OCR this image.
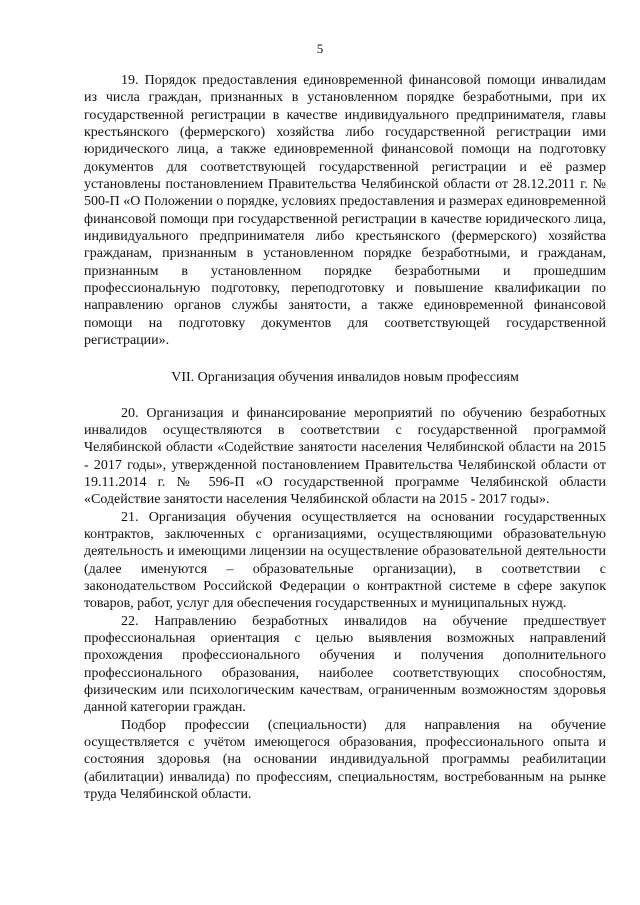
5

19. Порядок предоставления единовременной финансовой помощи инвалидам из числа граждан, признанных в установленном порядке безработными, при их государственной регистрации в качестве индивидуального предпринимателя, главы крестьянского (фермерского) хозяйства либо государственной регистрации ими юридического лица, а также единовременной финансовой помощи на подготовку документов для соответствующей государственной регистрации и её размер установлены постановлением Правительства Челябинской области от 28.12.2011 г. № 500-П «О Положении о порядке, условиях предоставления и размерах единовременной финансовой помощи при государственной регистрации в качестве юридического лица, индивидуального предпринимателя либо крестьянского (фермерского) хозяйства гражданам, признанным в установленном порядке безработными, и гражданам, признанным в установленном порядке безработными и прошедшим профессиональную подготовку, переподготовку и повышение квалификации по направлению органов службы занятости, а также единовременной финансовой помощи на подготовку документов для соответствующей государственной регистрации».

VII. Организация обучения инвалидов новым профессиям

20. Организация и финансирование мероприятий по обучению безработных инвалидов осуществляются в соответствии с государственной программой Челябинской области «Содействие занятости населения Челябинской области на 2015 - 2017 годы», утвержденной постановлением Правительства Челябинской области от 19.11.2014 г. № 596-П «О государственной программе Челябинской области «Содействие занятости населения Челябинской области на 2015 - 2017 годы».

21. Организация обучения осуществляется на основании государственных контрактов, заключенных с организациями, осуществляющими образовательную деятельность и имеющими лицензии на осуществление образовательной деятельности (далее именуются – образовательные организации), в соответствии с законодательством Российской Федерации о контрактной системе в сфере закупок товаров, работ, услуг для обеспечения государственных и муниципальных нужд.

22. Направлению безработных инвалидов на обучение предшествует профессиональная ориентация с целью выявления возможных направлений прохождения профессионального обучения и получения дополнительного профессионального образования, наиболее соответствующих способностям, физическим или психологическим качествам, ограниченным возможностям здоровья данной категории граждан.

Подбор профессии (специальности) для направления на обучение осуществляется с учётом имеющегося образования, профессионального опыта и состояния здоровья (на основании индивидуальной программы реабилитации (абилитации) инвалида) по профессиям, специальностям, востребованным на рынке труда Челябинской области.
